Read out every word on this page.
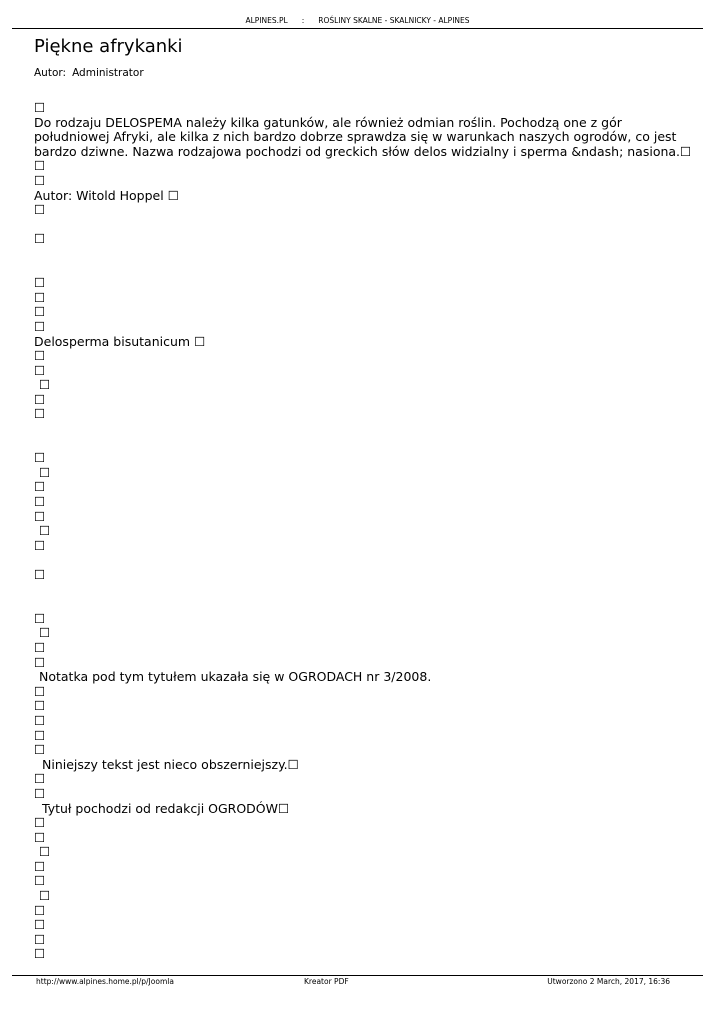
ALPINES.PL : ROŚLINY SKALNE - SKALNICKY - ALPINES
Piękne afrykanki
Autor: Administrator
☐
Do rodzaju DELOSPEMA należy kilka gatunków, ale również odmian roślin. Pochodzą one z gór południowej Afryki, ale kilka z nich bardzo dobrze sprawdza się w warunkach naszych ogrodów, co jest bardzo dziwne. Nazwa rodzajowa pochodzi od greckich słów delos widzialny i sperma &ndash; nasiona.☐
☐
☐
Autor: Witold Hoppel ☐
☐
☐
☐
☐
☐
☐
Delosperma bisutanicum ☐
☐
☐
☐
☐
☐
☐
☐
☐
☐
☐
☐
☐
☐
☐
☐
☐
☐
Notatka pod tym tytułem ukazała się w OGRODACH nr 3/2008.
☐
☐
☐
☐
☐
Niniejszy tekst jest nieco obszerniejszy.☐
☐
☐
Tytuł pochodzi od redakcji OGRODÓW☐
☐
☐
☐
☐
☐
☐
☐
☐
☐
☐
http://www.alpines.home.pl/p/Joomla	Kreator PDF	Utworzono 2 March, 2017, 16:36
